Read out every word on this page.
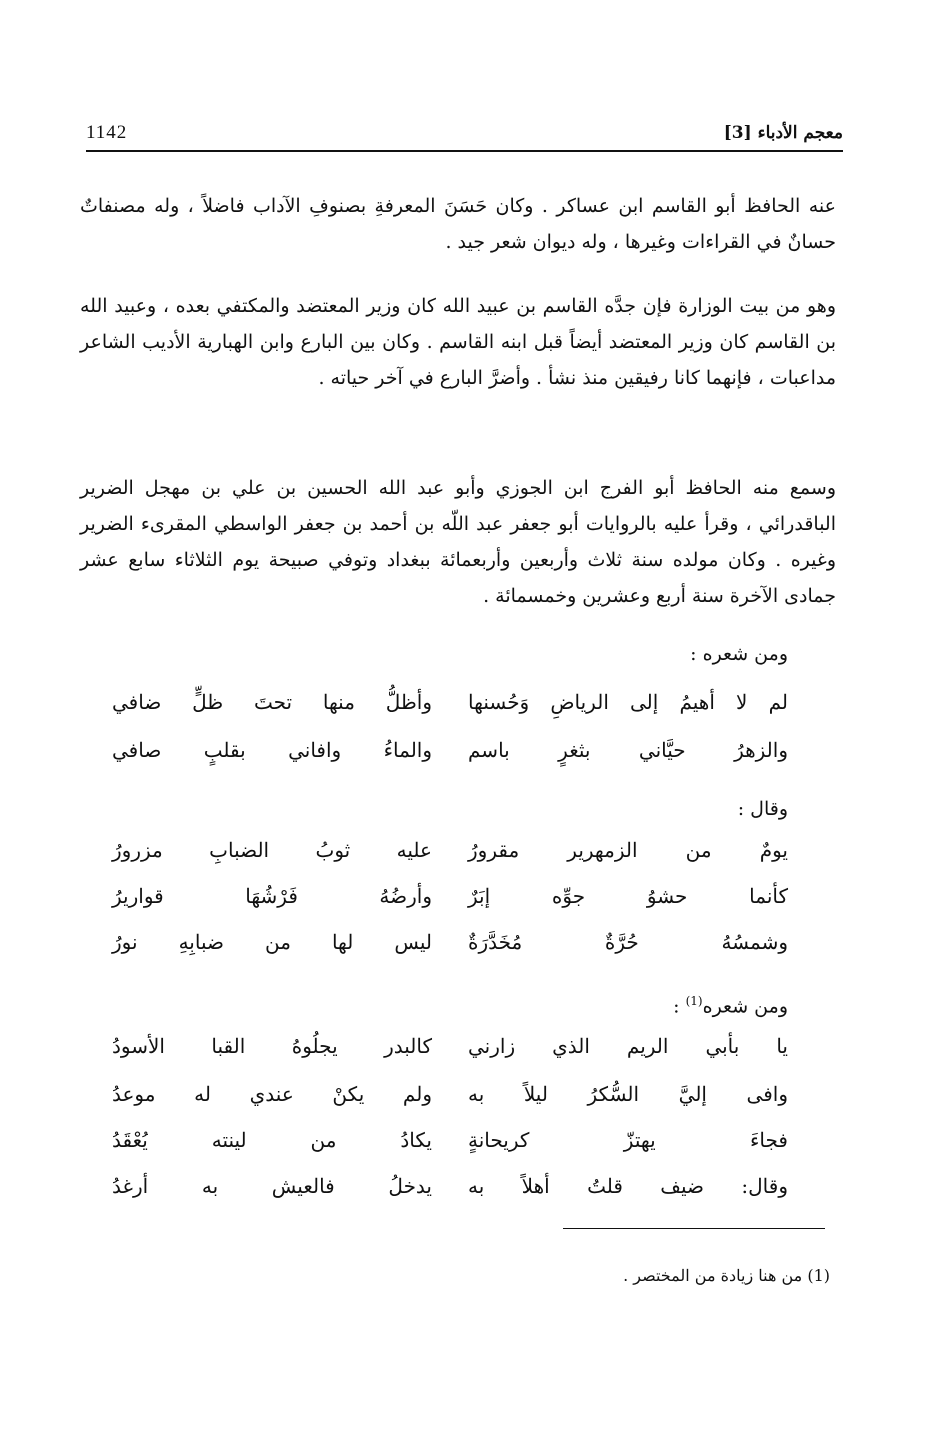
1142	معجم الأدباء [3]

عنه الحافظ أبو القاسم ابن عساكر . وكان حَسَنَ المعرفةِ بصنوفِ الآداب فاضلاً ، وله مصنفاتٌ حسانٌ في القراءات وغيرها ، وله ديوان شعر جيد .

وهو من بيت الوزارة فإن جدَّه القاسم بن عبيد الله كان وزير المعتضد والمكتفي بعده ، وعبيد الله بن القاسم كان وزير المعتضد أيضاً قبل ابنه القاسم . وكان بين البارع وابن الهبارية الأديب الشاعر مداعبات ، فإنهما كانا رفيقين منذ نشأ . وأضرَّ البارع في آخر حياته .

وسمع منه الحافظ أبو الفرج ابن الجوزي وأبو عبد الله الحسين بن علي بن مهجل الضرير الباقدرائي ، وقرأ عليه بالروايات أبو جعفر عبد اللّه بن أحمد بن جعفر الواسطي المقرىء الضرير وغيره . وكان مولده سنة ثلاث وأربعين وأربعمائة ببغداد وتوفي صبيحة يوم الثلاثاء سابع عشر جمادى الآخرة سنة أربع وعشرين وخمسمائة .

ومن شعره :
لم لا أهيمُ إلى الرياضِ وَحُسنها
وأظلُّ منها تحتَ ظلٍّ ضافي
والزهرُ حيَّاني بثغرٍ باسم
والماءُ وافاني بقلبٍ صافي
وقال :
يومٌ من الزمهرير مقرورُ
عليه ثوبُ الضبابِ مزرورُ
كأنما حشوُ جوِّه إبَرٌ
وأرضُهُ فَرْشُهَا قواريرُ
وشمسُهُ حُرَّةٌ مُخَدَّرَةٌ
ليس لها من ضبابِهِ نورُ
ومن شعره$^{(1)}$ :
يا بأبي الريم الذي زارني
كالبدر يجلُوهُ القبا الأسودُ
وافى إليَّ السُّكرُ ليلاً به
ولم يكنْ عندي له موعدُ
فجاءَ يهتزّ كريحانةٍ
يكادُ من لينته يُعْقَدُ
وقال: ضيف قلتُ أهلاً به
يدخلُ فالعيش به أرغدُ
(1) من هنا زيادة من المختصر .
